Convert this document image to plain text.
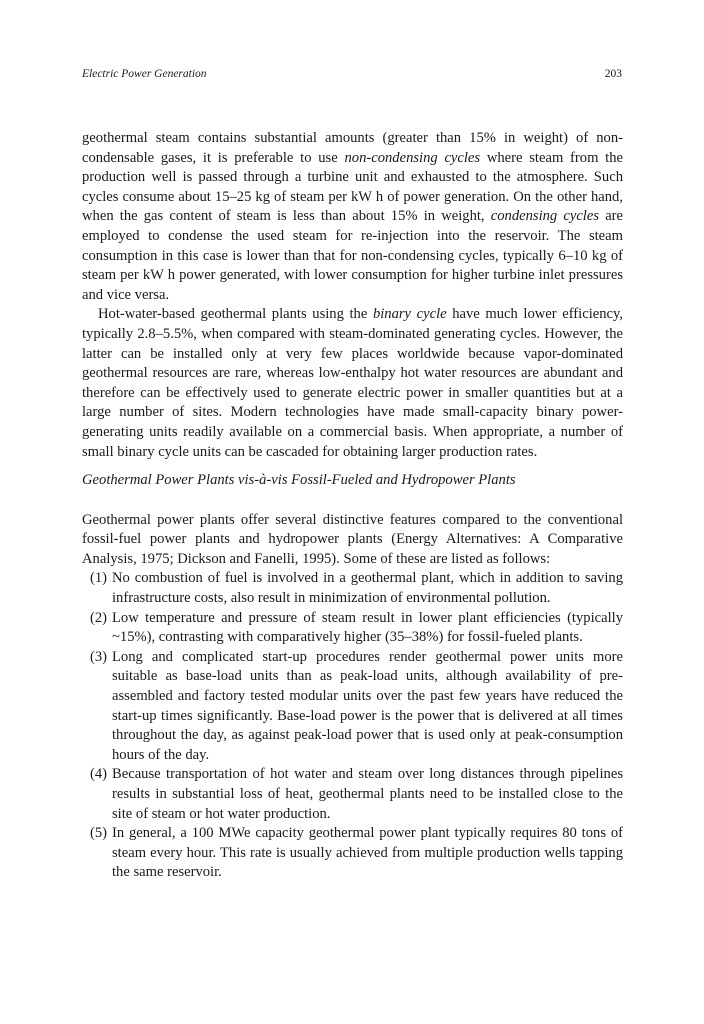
Electric Power Generation	203

geothermal steam contains substantial amounts (greater than 15% in weight) of non-condensable gases, it is preferable to use non-condensing cycles where steam from the production well is passed through a turbine unit and exhausted to the atmosphere. Such cycles consume about 15–25 kg of steam per kW h of power generation. On the other hand, when the gas content of steam is less than about 15% in weight, condensing cycles are employed to condense the used steam for re-injection into the reservoir. The steam consumption in this case is lower than that for non-condensing cycles, typically 6–10 kg of steam per kW h power generated, with lower consumption for higher turbine inlet pressures and vice versa.

Hot-water-based geothermal plants using the binary cycle have much lower efficiency, typically 2.8–5.5%, when compared with steam-dominated generating cycles. However, the latter can be installed only at very few places worldwide because vapor-dominated geothermal resources are rare, whereas low-enthalpy hot water resources are abundant and therefore can be effectively used to generate electric power in smaller quantities but at a large number of sites. Modern technologies have made small-capacity binary power-generating units readily available on a commercial basis. When appropriate, a number of small binary cycle units can be cascaded for obtaining larger production rates.

Geothermal Power Plants vis-à-vis Fossil-Fueled and Hydropower Plants

Geothermal power plants offer several distinctive features compared to the conventional fossil-fuel power plants and hydropower plants (Energy Alternatives: A Comparative Analysis, 1975; Dickson and Fanelli, 1995). Some of these are listed as follows:

(1) No combustion of fuel is involved in a geothermal plant, which in addition to saving infrastructure costs, also result in minimization of environmental pollution.
(2) Low temperature and pressure of steam result in lower plant efficiencies (typically ~15%), contrasting with comparatively higher (35–38%) for fossil-fueled plants.
(3) Long and complicated start-up procedures render geothermal power units more suitable as base-load units than as peak-load units, although availability of pre-assembled and factory tested modular units over the past few years have reduced the start-up times significantly. Base-load power is the power that is delivered at all times throughout the day, as against peak-load power that is used only at peak-consumption hours of the day.
(4) Because transportation of hot water and steam over long distances through pipelines results in substantial loss of heat, geothermal plants need to be installed close to the site of steam or hot water production.
(5) In general, a 100 MWe capacity geothermal power plant typically requires 80 tons of steam every hour. This rate is usually achieved from multiple production wells tapping the same reservoir.
